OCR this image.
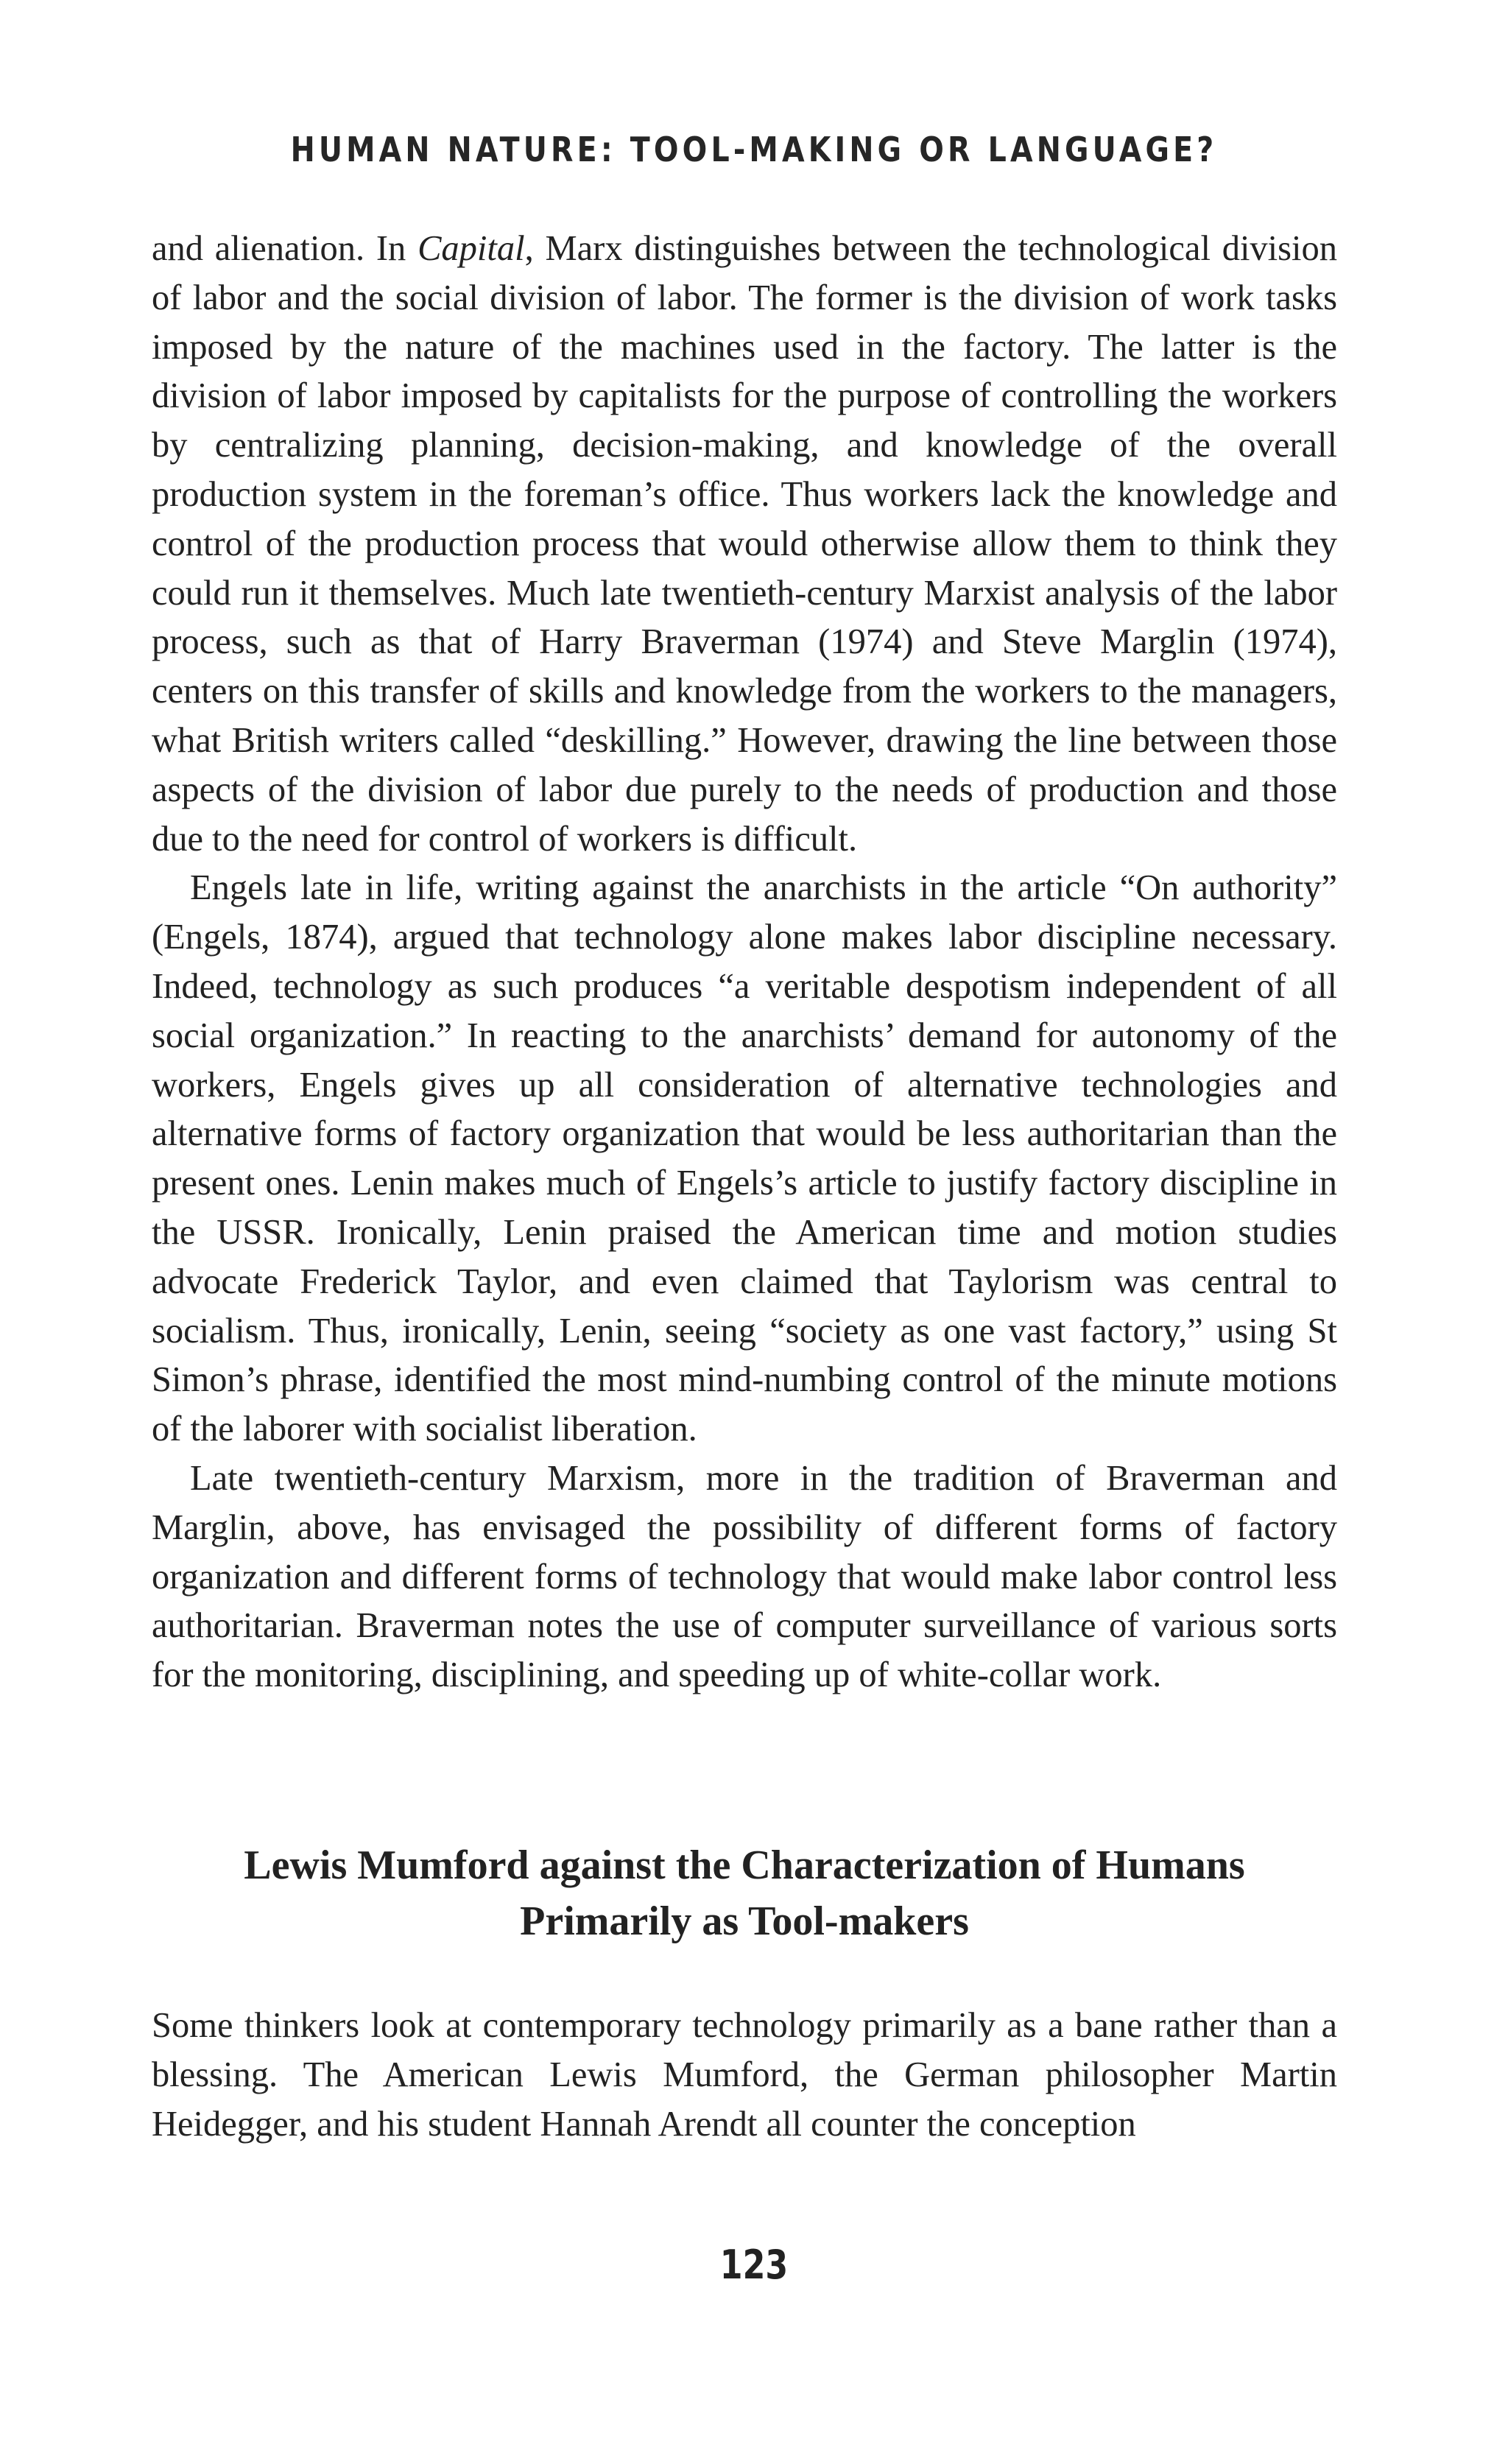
HUMAN NATURE: TOOL-MAKING OR LANGUAGE?

and alienation. In Capital, Marx distinguishes between the technological division of labor and the social division of labor. The former is the division of work tasks imposed by the nature of the machines used in the factory. The latter is the division of labor imposed by capitalists for the purpose of controlling the workers by centralizing planning, decision-making, and knowledge of the overall production system in the foreman’s office. Thus workers lack the knowledge and control of the production process that would otherwise allow them to think they could run it themselves. Much late twentieth-century Marxist analysis of the labor process, such as that of Harry Braverman (1974) and Steve Marglin (1974), centers on this transfer of skills and knowledge from the workers to the managers, what British writers called “deskilling.” However, drawing the line between those aspects of the division of labor due purely to the needs of production and those due to the need for control of workers is difficult.

Engels late in life, writing against the anarchists in the article “On authority” (Engels, 1874), argued that technology alone makes labor discipline necessary. Indeed, technology as such produces “a veritable despotism independent of all social organization.” In reacting to the anarchists’ demand for autonomy of the workers, Engels gives up all consideration of alternative technologies and alternative forms of factory organization that would be less authoritarian than the present ones. Lenin makes much of Engels’s article to justify factory discipline in the USSR. Ironically, Lenin praised the American time and motion studies advocate Frederick Taylor, and even claimed that Taylorism was central to socialism. Thus, ironically, Lenin, seeing “society as one vast factory,” using St Simon’s phrase, identified the most mind-numbing control of the minute motions of the laborer with socialist liberation.

Late twentieth-century Marxism, more in the tradition of Braverman and Marglin, above, has envisaged the possibility of different forms of factory organization and different forms of technology that would make labor control less authoritarian. Braverman notes the use of computer surveillance of various sorts for the monitoring, disciplining, and speeding up of white-collar work.

Lewis Mumford against the Characterization of Humans
Primarily as Tool-makers

Some thinkers look at contemporary technology primarily as a bane rather than a blessing. The American Lewis Mumford, the German philosopher Martin Heidegger, and his student Hannah Arendt all counter the conception

123
